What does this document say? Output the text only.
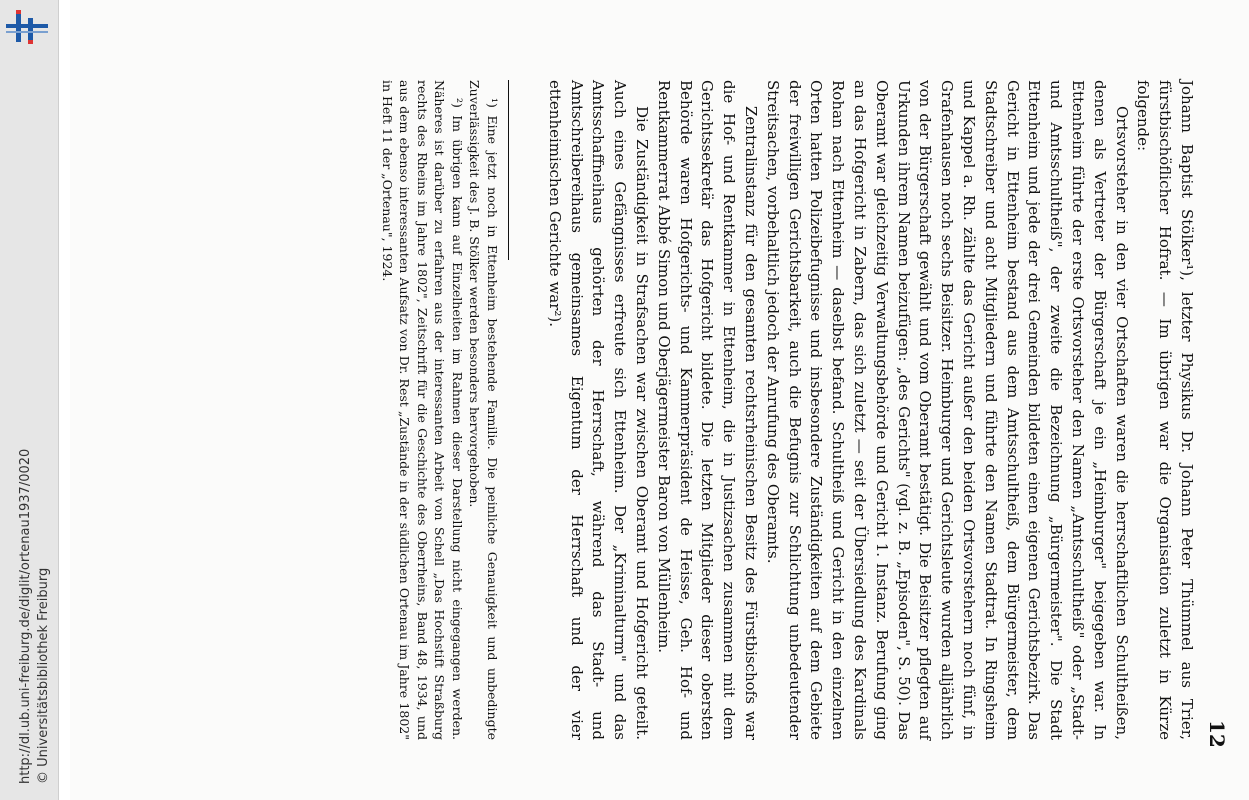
http://dl.ub.uni-freiburg.de/diglit/ortenau1937/0020 © Universitätsbibliothek Freiburg	12

Johann Baptist Stölker¹), letzter Physikus Dr. Johann Peter Thümmel aus Trier, fürstbischöflicher Hofrat. — Im übrigen war die Organisation zuletzt in Kürze folgende:

Ortsvorsteher in den vier Ortschaften waren die herrschaftlichen Schultheißen, denen als Vertreter der Bürgerschaft je ein „Heimburger" beigegeben war. In Ettenheim führte der erste Ortsvorsteher den Namen „Amtsschultheiß" oder „Stadt- und Amtsschultheiß", der zweite die Bezeichnung „Bürgermeister". Die Stadt Ettenheim und jede der drei Gemeinden bildeten einen eigenen Gerichtsbezirk. Das Gericht in Ettenheim bestand aus dem Amtsschultheiß, dem Bürgermeister, dem Stadtschreiber und acht Mitgliedern und führte den Namen Stadtrat. In Ringsheim und Kappel a. Rh. zählte das Gericht außer den beiden Ortsvorstehern noch fünf, in Grafenhausen noch sechs Beisitzer. Heimburger und Gerichtsleute wurden alljährlich von der Bürgerschaft gewählt und vom Oberamt bestätigt. Die Beisitzer pflegten auf Urkunden ihrem Namen beizufügen: „des Gerichts" (vgl. z. B. „Episoden", S. 50). Das Oberamt war gleichzeitig Verwaltungsbehörde und Gericht 1. Instanz. Berufung ging an das Hofgericht in Zabern, das sich zuletzt — seit der Übersiedlung des Kardinals Rohan nach Ettenheim — daselbst befand. Schultheiß und Gericht in den einzelnen Orten hatten Polizeibefugnisse und insbesondere Zuständigkeiten auf dem Gebiete der freiwilligen Gerichtsbarkeit, auch die Befugnis zur Schlichtung unbedeutender Streitsachen, vorbehaltlich jedoch der Anrufung des Oberamts.

Zentralinstanz für den gesamten rechtsrheinischen Besitz des Fürstbischofs war die Hof- und Rentkammer in Ettenheim, die in Justizsachen zusammen mit dem Gerichtssekretär das Hofgericht bildete. Die letzten Mitglieder dieser obersten Behörde waren Hofgerichts- und Kammerpräsident de Heisse, Geh. Hof- und Rentkammerrat Abbé Simon und Oberjägermeister Baron von Müllenheim.

Die Zuständigkeit in Strafsachen war zwischen Oberamt und Hofgericht geteilt. Auch eines Gefängnisses erfreute sich Ettenheim. Der „Kriminalturm" und das Amtsschaffneihaus gehörten der Herrschaft, während das Stadt- und Amtschreibereihaus gemeinsames Eigentum der Herrschaft und der vier ettenheimischen Gerichte war²).

¹) Eine jetzt noch in Ettenheim bestehende Familie. Die peinliche Genauigkeit und unbedingte Zuverlässigkeit des J. B. Stölker werden besonders hervorgehoben.

²) Im übrigen kann auf Einzelheiten im Rahmen dieser Darstellung nicht eingegangen werden. Näheres ist darüber zu erfahren aus der interessanten Arbeit von Schell „Das Hochstift Straßburg rechts des Rheins im Jahre 1802", Zeitschrift für die Geschichte des Oberrheins, Band 48, 1934, und aus dem ebenso interessanten Aufsatz von Dr. Rest „Zustände in der südlichen Ortenau im Jahre 1802" in Heft 11 der „Ortenau", 1924.
